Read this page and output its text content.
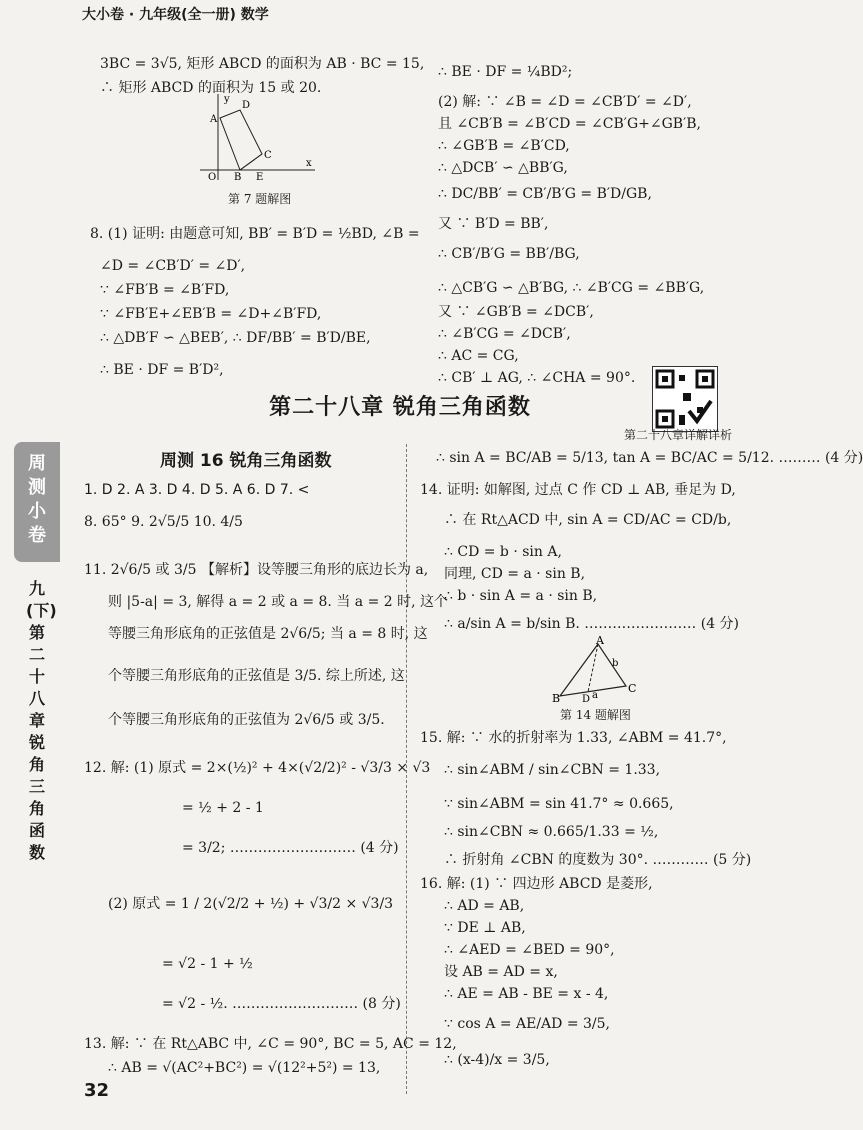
大小卷 · 九年级(全一册) 数学
3BC = 3√5, 矩形 ABCD 的面积为 AB · BC = 15,
∴ 矩形 ABCD 的面积为 15 或 20.
y
D
A
C
O B E
x
第 7 题解图
8. (1) 证明: 由题意可知, BB′ = B′D = ½BD, ∠B =
∠D = ∠CB′D′ = ∠D′,
∵ ∠FB′B = ∠B′FD,
∵ ∠FB′E+∠EB′B = ∠D+∠B′FD,
∴ △DB′F ∽ △BEB′, ∴ DF/BB′ = B′D/BE,
∴ BE · DF = B′D²,
∴ BE · DF = ¼BD²;
(2) 解: ∵ ∠B = ∠D = ∠CB′D′ = ∠D′,
且 ∠CB′B = ∠B′CD = ∠CB′G+∠GB′B,
∴ ∠GB′B = ∠B′CD,
∴ △DCB′ ∽ △BB′G,
∴ DC/BB′ = CB′/B′G = B′D/GB,
又 ∵ B′D = BB′,
∴ CB′/B′G = BB′/BG,
∴ △CB′G ∽ △B′BG, ∴ ∠B′CG = ∠BB′G,
又 ∵ ∠GB′B = ∠DCB′,
∴ ∠B′CG = ∠DCB′,
∴ AC = CG,
∴ CB′ ⊥ AG, ∴ ∠CHA = 90°.
第二十八章 锐角三角函数
第二十八章详解详析
周测小卷
九(下) 第二十八章 锐角三角函数
周测 16 锐角三角函数
1. D 2. A 3. D 4. D 5. A 6. D 7. <
8. 65° 9. 2√5/5 10. 4/5
11. 2√6/5 或 3/5 【解析】设等腰三角形的底边长为 a,
则 |5-a| = 3, 解得 a = 2 或 a = 8. 当 a = 2 时, 这个
等腰三角形底角的正弦值是 2√6/5; 当 a = 8 时, 这
个等腰三角形底角的正弦值是 3/5. 综上所述, 这
个等腰三角形底角的正弦值为 2√6/5 或 3/5.
12. 解: (1) 原式 = 2×(½)² + 4×(√2/2)² - √3/3 × √3
= ½ + 2 - 1
= 3/2; ……………………… (4 分)
(2) 原式 = 1 / 2(√2/2 + ½) + √3/2 × √3/3
= √2 - 1 + ½
= √2 - ½. ……………………… (8 分)
13. 解: ∵ 在 Rt△ABC 中, ∠C = 90°, BC = 5, AC = 12,
∴ AB = √(AC²+BC²) = √(12²+5²) = 13,
∴ sin A = BC/AB = 5/13, tan A = BC/AC = 5/12. ……… (4 分)
14. 证明: 如解图, 过点 C 作 CD ⊥ AB, 垂足为 D,
∴ 在 Rt△ACD 中, sin A = CD/AC = CD/b,
∴ CD = b · sin A,
同理, CD = a · sin B,
∴ b · sin A = a · sin B,
∴ a/sin A = b/sin B. …………………… (4 分)
A
D
b
B	a
C
第 14 题解图
15. 解: ∵ 水的折射率为 1.33, ∠ABM = 41.7°,
∴ sin∠ABM / sin∠CBN = 1.33,
∵ sin∠ABM = sin 41.7° ≈ 0.665,
∴ sin∠CBN ≈ 0.665/1.33 = ½,
∴ 折射角 ∠CBN 的度数为 30°. ………… (5 分)
16. 解: (1) ∵ 四边形 ABCD 是菱形,
∴ AD = AB,
∵ DE ⊥ AB,
∴ ∠AED = ∠BED = 90°,
设 AB = AD = x,
∴ AE = AB - BE = x - 4,
∵ cos A = AE/AD = 3/5,
∴ (x-4)/x = 3/5,
32
